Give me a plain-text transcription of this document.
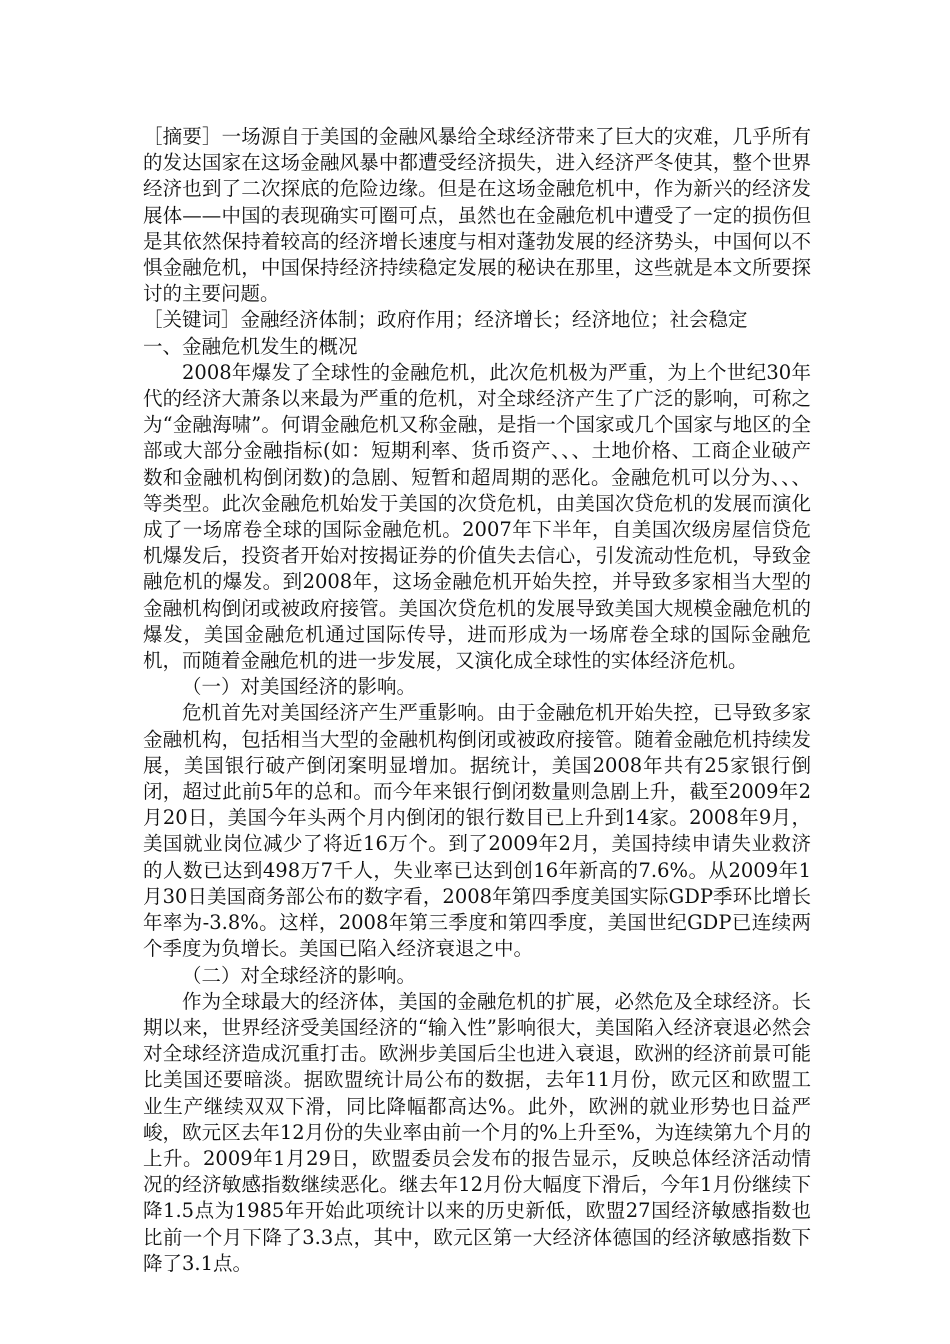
［摘要］一场源自于美国的金融风暴给全球经济带来了巨大的灾难，几乎所有的发达国家在这场金融风暴中都遭受经济损失，进入经济严冬使其，整个世界经济也到了二次探底的危险边缘。但是在这场金融危机中，作为新兴的经济发展体——中国的表现确实可圈可点，虽然也在金融危机中遭受了一定的损伤但是其依然保持着较高的经济增长速度与相对蓬勃发展的经济势头，中国何以不惧金融危机，中国保持经济持续稳定发展的秘诀在那里，这些就是本文所要探讨的主要问题。

［关键词］金融经济体制；政府作用；经济增长；经济地位；社会稳定

一、金融危机发生的概况

2008年爆发了全球性的金融危机，此次危机极为严重，为上个世纪30年代的经济大萧条以来最为严重的危机，对全球经济产生了广泛的影响，可称之为“金融海啸”。何谓金融危机又称金融，是指一个国家或几个国家与地区的全部或大部分金融指标(如：短期利率、货币资产、、、土地价格、工商企业破产数和金融机构倒闭数)的急剧、短暂和超周期的恶化。金融危机可以分为、、、等类型。此次金融危机始发于美国的次贷危机，由美国次贷危机的发展而演化成了一场席卷全球的国际金融危机。2007年下半年，自美国次级房屋信贷危机爆发后，投资者开始对按揭证券的价值失去信心，引发流动性危机，导致金融危机的爆发。到2008年，这场金融危机开始失控，并导致多家相当大型的金融机构倒闭或被政府接管。美国次贷危机的发展导致美国大规模金融危机的爆发，美国金融危机通过国际传导，进而形成为一场席卷全球的国际金融危机，而随着金融危机的进一步发展，又演化成全球性的实体经济危机。

（一）对美国经济的影响。

危机首先对美国经济产生严重影响。由于金融危机开始失控，已导致多家金融机构，包括相当大型的金融机构倒闭或被政府接管。随着金融危机持续发展，美国银行破产倒闭案明显增加。据统计，美国2008年共有25家银行倒闭，超过此前5年的总和。而今年来银行倒闭数量则急剧上升，截至2009年2月20日，美国今年头两个月内倒闭的银行数目已上升到14家。2008年9月，美国就业岗位减少了将近16万个。到了2009年2月，美国持续申请失业救济的人数已达到498万7千人，失业率已达到创16年新高的7.6%。从2009年1月30日美国商务部公布的数字看，2008年第四季度美国实际GDP季环比增长年率为-3.8%。这样，2008年第三季度和第四季度，美国世纪GDP已连续两个季度为负增长。美国已陷入经济衰退之中。

（二）对全球经济的影响。

作为全球最大的经济体，美国的金融危机的扩展，必然危及全球经济。长期以来，世界经济受美国经济的“输入性”影响很大，美国陷入经济衰退必然会对全球经济造成沉重打击。欧洲步美国后尘也进入衰退，欧洲的经济前景可能比美国还要暗淡。据欧盟统计局公布的数据，去年11月份，欧元区和欧盟工业生产继续双双下滑，同比降幅都高达%。此外，欧洲的就业形势也日益严峻，欧元区去年12月份的失业率由前一个月的%上升至%，为连续第九个月的上升。2009年1月29日，欧盟委员会发布的报告显示，反映总体经济活动情况的经济敏感指数继续恶化。继去年12月份大幅度下滑后，今年1月份继续下降1.5点为1985年开始此项统计以来的历史新低，欧盟27国经济敏感指数也比前一个月下降了3.3点，其中，欧元区第一大经济体德国的经济敏感指数下降了3.1点。
